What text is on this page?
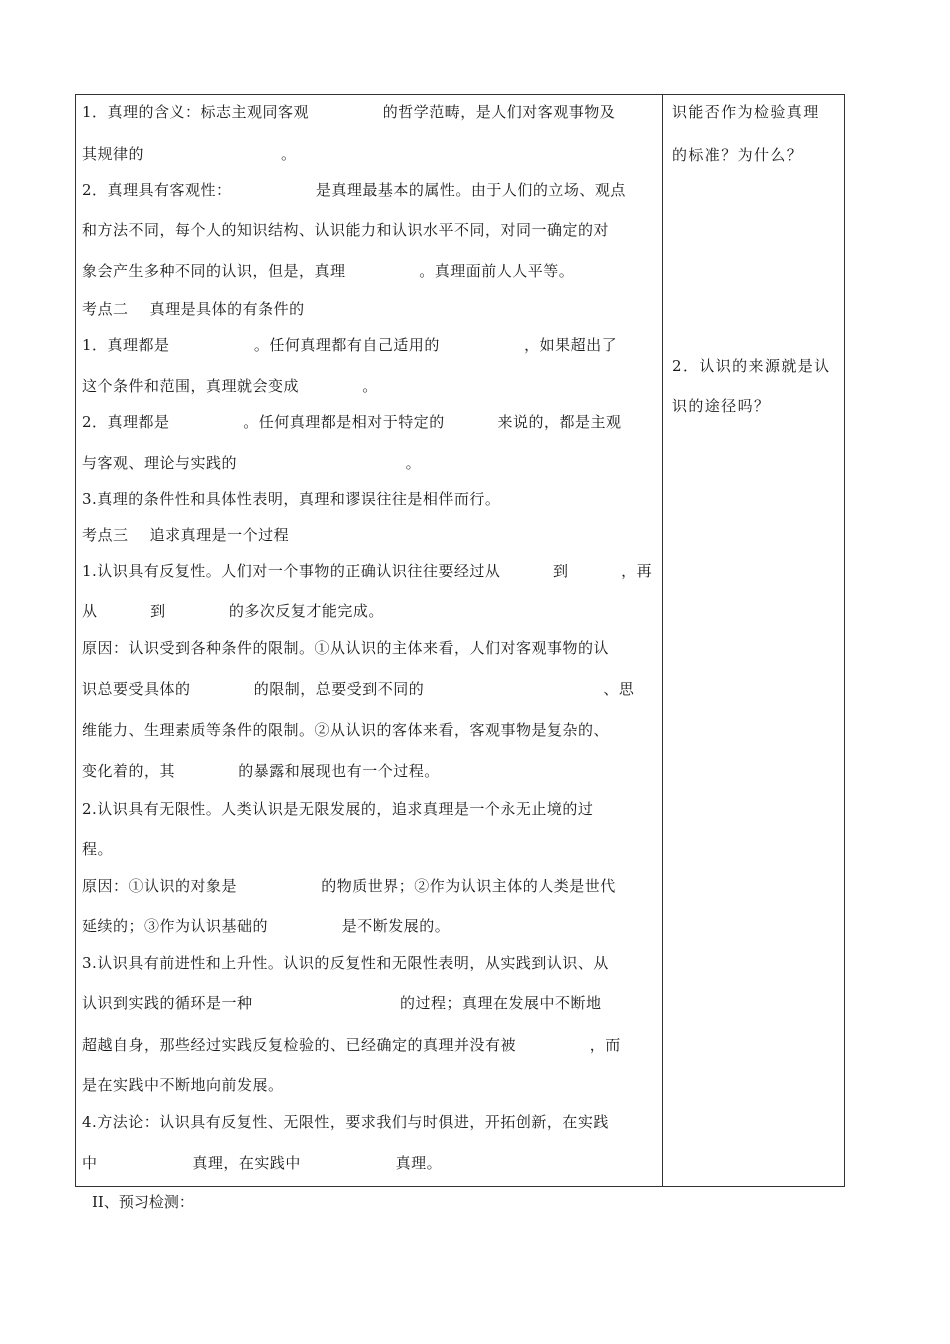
1．真理的含义：标志主观同客观              的哲学范畴，是人们对客观事物及
其规律的                          。
2．真理具有客观性：                是真理最基本的属性。由于人们的立场、观点
和方法不同，每个人的知识结构、认识能力和认识水平不同，对同一确定的对
象会产生多种不同的认识，但是，真理              。真理面前人人平等。
考点二    真理是具体的有条件的
1．真理都是                。任何真理都有自己适用的                ，如果超出了
这个条件和范围，真理就会变成            。
2．真理都是              。任何真理都是相对于特定的          来说的，都是主观
与客观、理论与实践的                                。
3.真理的条件性和具体性表明，真理和谬误往往是相伴而行。
考点三    追求真理是一个过程
1.认识具有反复性。人们对一个事物的正确认识往往要经过从          到          ，再
从          到            的多次反复才能完成。
原因：认识受到各种条件的限制。①从认识的主体来看，人们对客观事物的认
识总要受具体的            的限制，总要受到不同的                                  、思
维能力、生理素质等条件的限制。②从认识的客体来看，客观事物是复杂的、
变化着的，其            的暴露和展现也有一个过程。
2.认识具有无限性。人类认识是无限发展的，追求真理是一个永无止境的过
程。
原因：①认识的对象是                的物质世界；②作为认识主体的人类是世代
延续的；③作为认识基础的              是不断发展的。
3.认识具有前进性和上升性。认识的反复性和无限性表明，从实践到认识、从
认识到实践的循环是一种                            的过程；真理在发展中不断地
超越自身，那些经过实践反复检验的、已经确定的真理并没有被              ，而
是在实践中不断地向前发展。
4.方法论：认识具有反复性、无限性，要求我们与时俱进，开拓创新，在实践
中                  真理，在实践中                  真理。
识能否作为检验真理
的标准？为什么？
2．认识的来源就是认
识的途径吗？
II、预习检测：
